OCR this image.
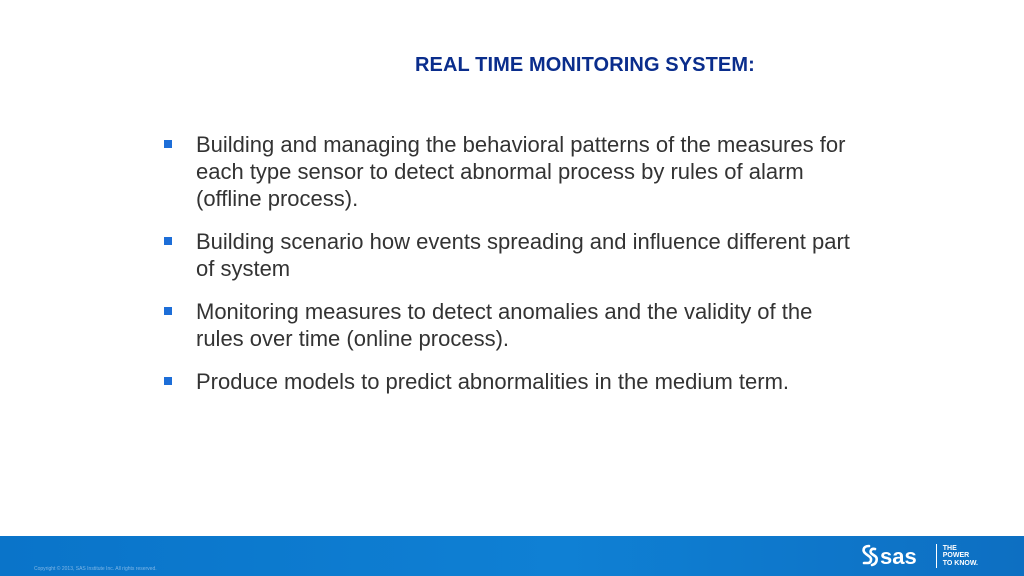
REAL TIME MONITORING SYSTEM:
Building and managing the behavioral patterns of the measures for each type sensor to detect abnormal process by rules of alarm (offline process).
Building scenario how events spreading and influence different part of system
Monitoring measures to detect anomalies and the validity of the rules over time (online process).
Produce models to predict abnormalities in the medium term.
Copyright © 2013, SAS Institute Inc. All rights reserved.	sas	THE
POWER
TO KNOW.
